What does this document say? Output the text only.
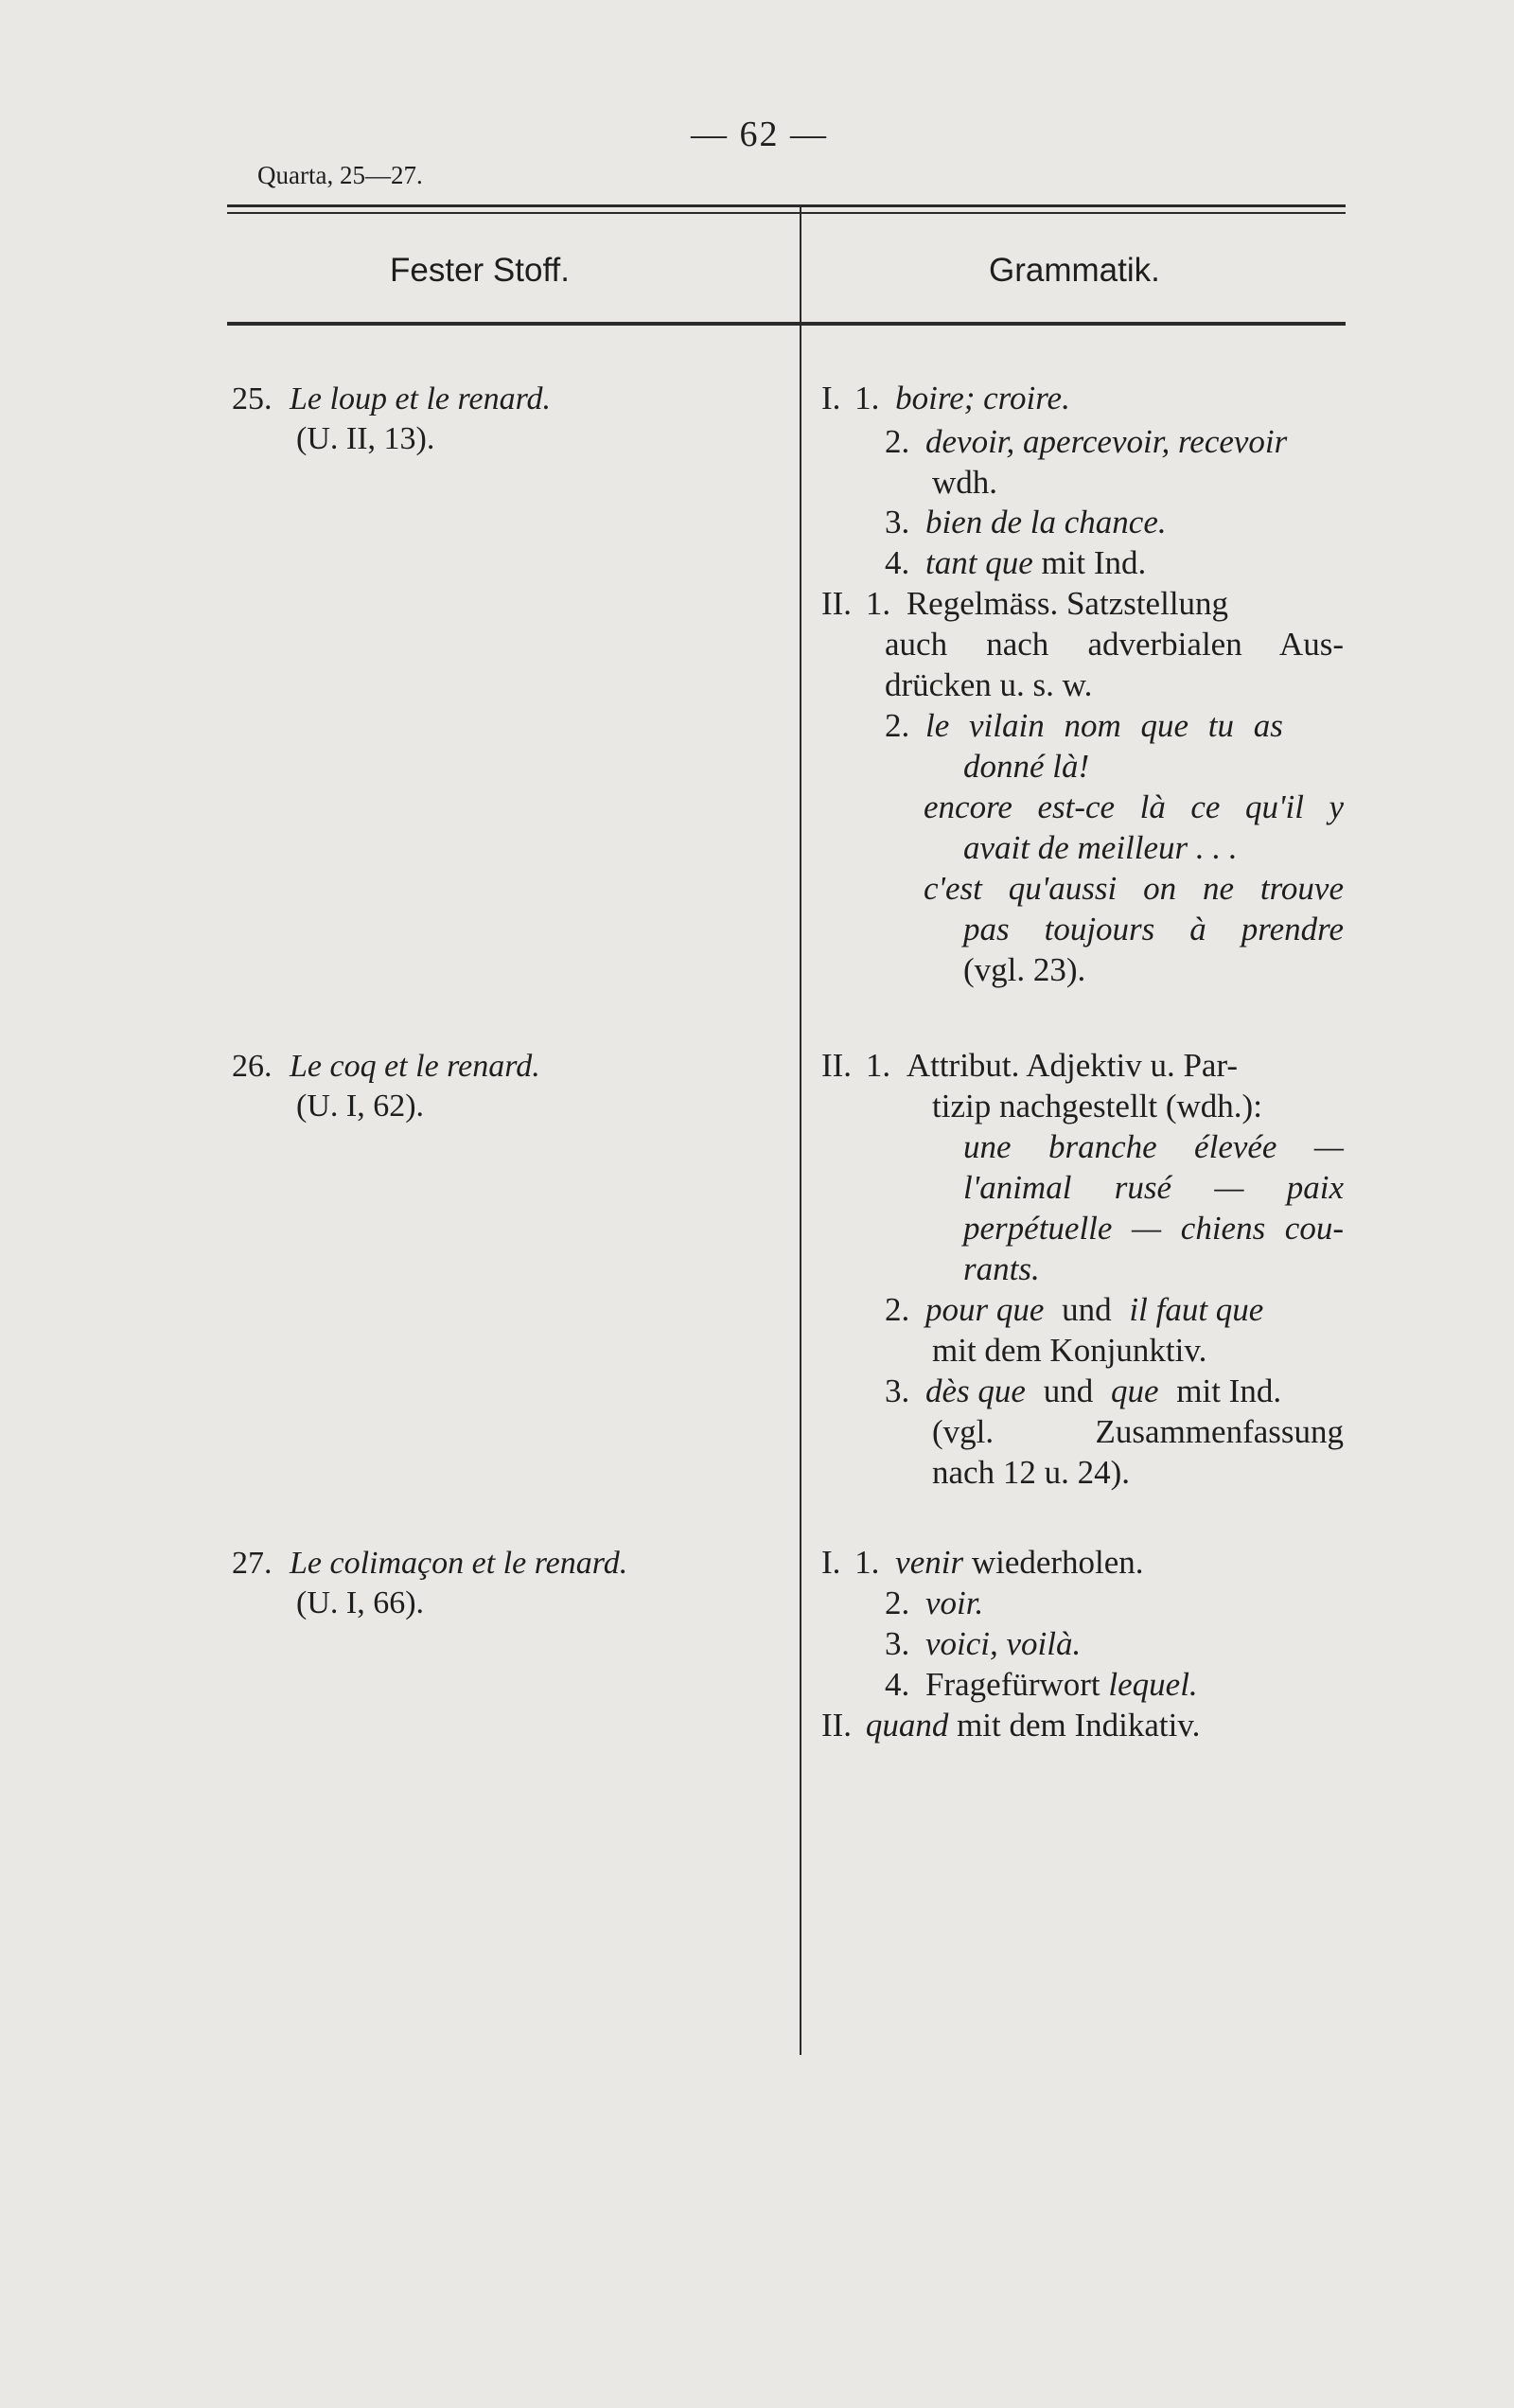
— 62 —
Quarta, 25—27.
Fester Stoff.	Grammatik.
25. Le loup et le renard.
(U. II, 13).
26. Le coq et le renard.
(U. I, 62).
27. Le colimaçon et le renard.
(U. I, 66).
I. 1. boire; croire.
2. devoir, apercevoir, recevoir
wdh.
3. bien de la chance.
4. tant que mit Ind.
II. 1. Regelmäss. Satzstellung
auch nach adverbialen Aus-
drücken u. s. w.
2. le vilain nom que tu as
donné là!
encore est-ce là ce qu'il y
avait de meilleur . . .
c'est qu'aussi on ne trouve
pas toujours à prendre
(vgl. 23).
II. 1. Attribut. Adjektiv u. Par-
tizip nachgestellt (wdh.):
une branche élevée —
l'animal rusé — paix
perpétuelle — chiens cou-
rants.
2. pour que und il faut que
mit dem Konjunktiv.
3. dès que und que mit Ind.
(vgl. Zusammenfassung
nach 12 u. 24).
I. 1. venir wiederholen.
2. voir.
3. voici, voilà.
4. Fragefürwort lequel.
II. quand mit dem Indikativ.
